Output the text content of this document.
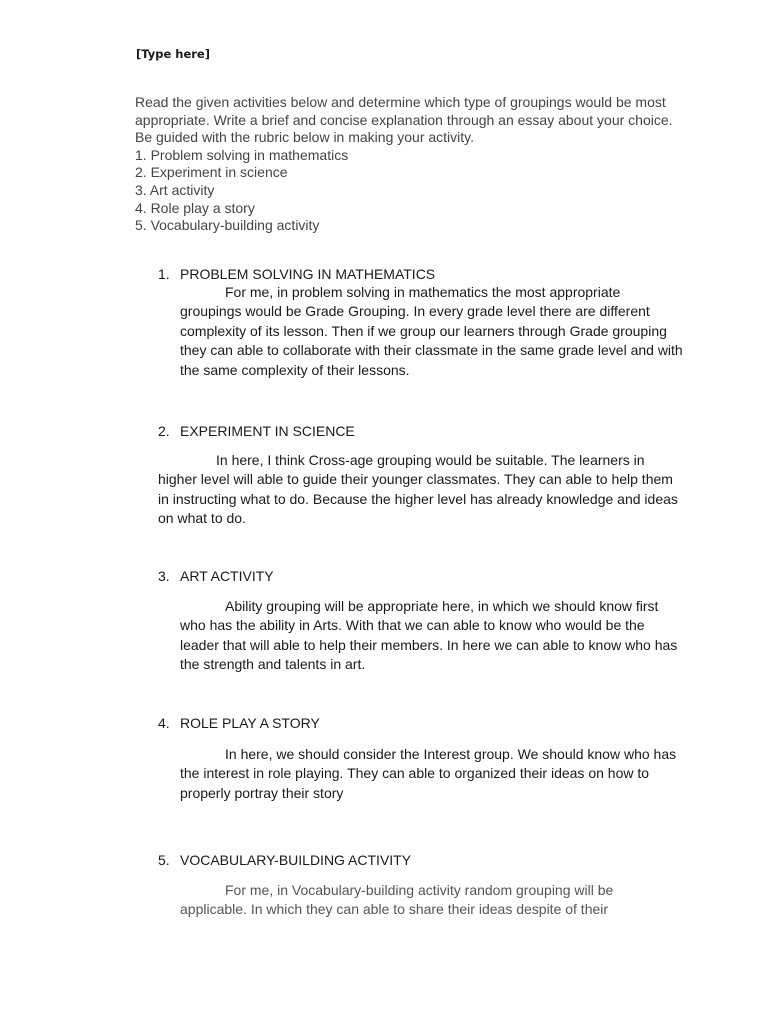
[Type here]

Read the given activities below and determine which type of groupings would be most appropriate. Write a brief and concise explanation through an essay about your choice. Be guided with the rubric below in making your activity.

1. Problem solving in mathematics
2. Experiment in science
3. Art activity
4. Role play a story
5. Vocabulary-building activity
1. PROBLEM SOLVING IN MATHEMATICS

For me, in problem solving in mathematics the most appropriate groupings would be Grade Grouping. In every grade level there are different complexity of its lesson. Then if we group our learners through Grade grouping they can able to collaborate with their classmate in the same grade level and with the same complexity of their lessons.

2. EXPERIMENT IN SCIENCE

In here, I think Cross-age grouping would be suitable. The learners in higher level will able to guide their younger classmates. They can able to help them in instructing what to do. Because the higher level has already knowledge and ideas on what to do.

3. ART ACTIVITY

Ability grouping will be appropriate here, in which we should know first who has the ability in Arts. With that we can able to know who would be the leader that will able to help their members. In here we can able to know who has the strength and talents in art.

4. ROLE PLAY A STORY

In here, we should consider the Interest group. We should know who has the interest in role playing. They can able to organized their ideas on how to properly portray their story

5. VOCABULARY-BUILDING ACTIVITY

For me, in Vocabulary-building activity random grouping will be applicable. In which they can able to share their ideas despite of their
